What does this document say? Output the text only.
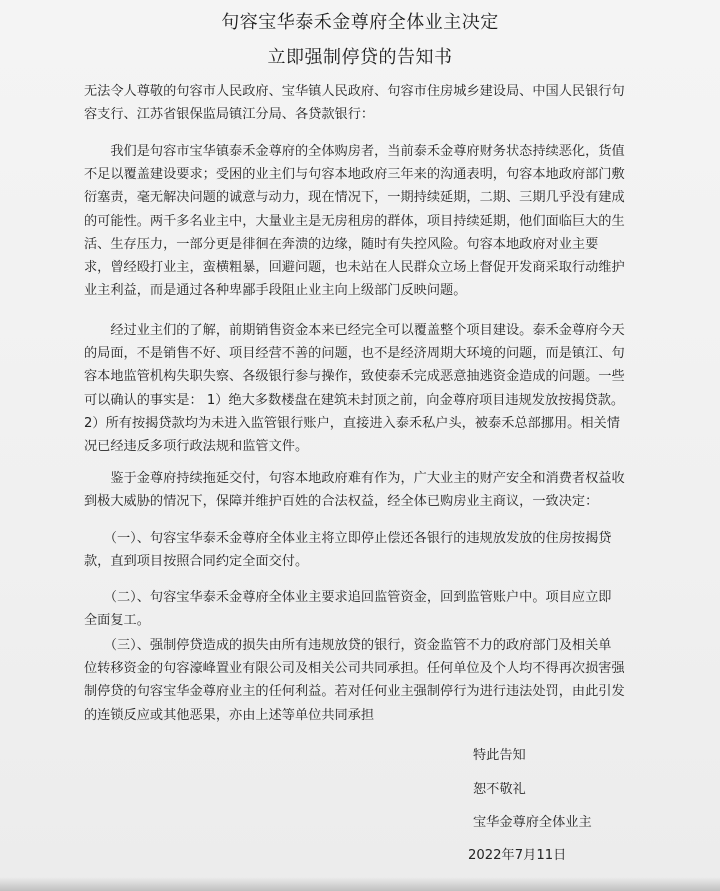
句容宝华泰禾金尊府全体业主决定
立即强制停贷的告知书
无法令人尊敬的句容市人民政府、宝华镇人民政府、句容市住房城乡建设局、中国人民银行句
容支行、江苏省银保监局镇江分局、各贷款银行：
　　我们是句容市宝华镇泰禾金尊府的全体购房者，当前泰禾金尊府财务状态持续恶化，货值
不足以覆盖建设要求；受困的业主们与句容本地政府三年来的沟通表明，句容本地政府部门敷
衍塞责，毫无解决问题的诚意与动力，现在情况下，一期持续延期，二期、三期几乎没有建成
的可能性。两千多名业主中，大量业主是无房租房的群体，项目持续延期，他们面临巨大的生
活、生存压力，一部分更是徘徊在奔溃的边缘，随时有失控风险。句容本地政府对业主要
求，曾经殴打业主，蛮横粗暴，回避问题，也未站在人民群众立场上督促开发商采取行动维护
业主利益，而是通过各种卑鄙手段阻止业主向上级部门反映问题。
　　经过业主们的了解，前期销售资金本来已经完全可以覆盖整个项目建设。泰禾金尊府今天
的局面，不是销售不好、项目经营不善的问题，也不是经济周期大环境的问题，而是镇江、句
容本地监管机构失职失察、各级银行参与操作，致使泰禾完成恶意抽逃资金造成的问题。一些
可以确认的事实是： 1）绝大多数楼盘在建筑未封顶之前，向金尊府项目违规发放按揭贷款。
2）所有按揭贷款均为未进入监管银行账户，直接进入泰禾私户头，被泰禾总部挪用。相关情
况已经违反多项行政法规和监管文件。
　　鉴于金尊府持续拖延交付，句容本地政府难有作为，广大业主的财产安全和消费者权益收
到极大威胁的情况下，保障并维护百姓的合法权益，经全体已购房业主商议，一致决定：
　　（一）、句容宝华泰禾金尊府全体业主将立即停止偿还各银行的违规放发放的住房按揭贷
款，直到项目按照合同约定全面交付。
　　（二）、句容宝华泰禾金尊府全体业主要求追回监管资金，回到监管账户中。项目应立即
全面复工。
　　（三）、强制停贷造成的损失由所有违规放贷的银行，资金监管不力的政府部门及相关单
位转移资金的句容濠峰置业有限公司及相关公司共同承担。任何单位及个人均不得再次损害强
制停贷的句容宝华金尊府业主的任何利益。若对任何业主强制停行为进行违法处罚，由此引发
的连锁反应或其他恶果，亦由上述等单位共同承担
特此告知
恕不敬礼
宝华金尊府全体业主
2022年7月11日
